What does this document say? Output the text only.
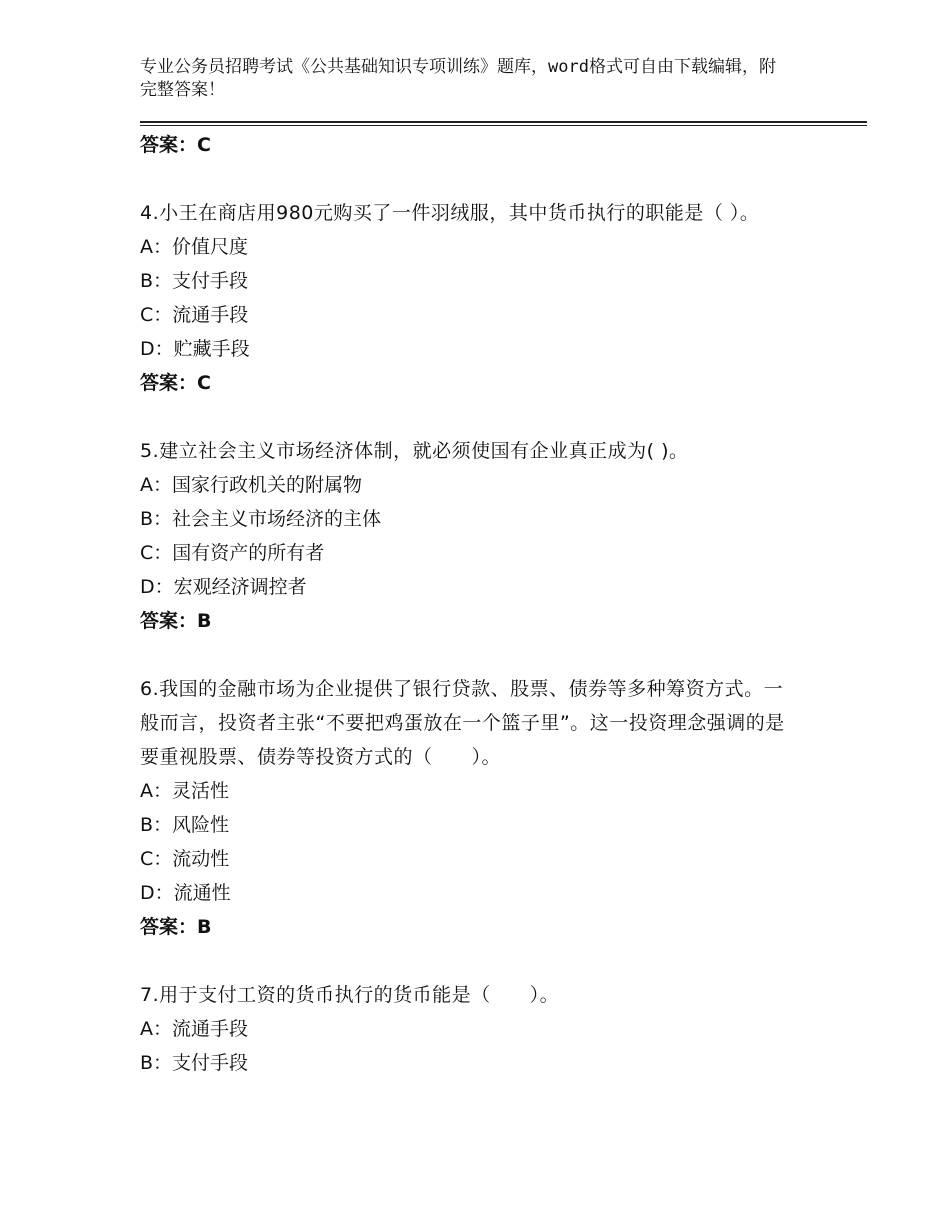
专业公务员招聘考试《公共基础知识专项训练》题库，word格式可自由下载编辑，附完整答案！
答案：C
4.小王在商店用980元购买了一件羽绒服，其中货币执行的职能是（ ）。
A：价值尺度
B：支付手段
C：流通手段
D：贮藏手段
答案：C
5.建立社会主义市场经济体制，就必须使国有企业真正成为( )。
A：国家行政机关的附属物
B：社会主义市场经济的主体
C：国有资产的所有者
D：宏观经济调控者
答案：B
6.我国的金融市场为企业提供了银行贷款、股票、债券等多种筹资方式。一般而言，投资者主张“不要把鸡蛋放在一个篮子里”。这一投资理念强调的是要重视股票、债券等投资方式的（　　）。
A：灵活性
B：风险性
C：流动性
D：流通性
答案：B
7.用于支付工资的货币执行的货币能是（　　）。
A：流通手段
B：支付手段
